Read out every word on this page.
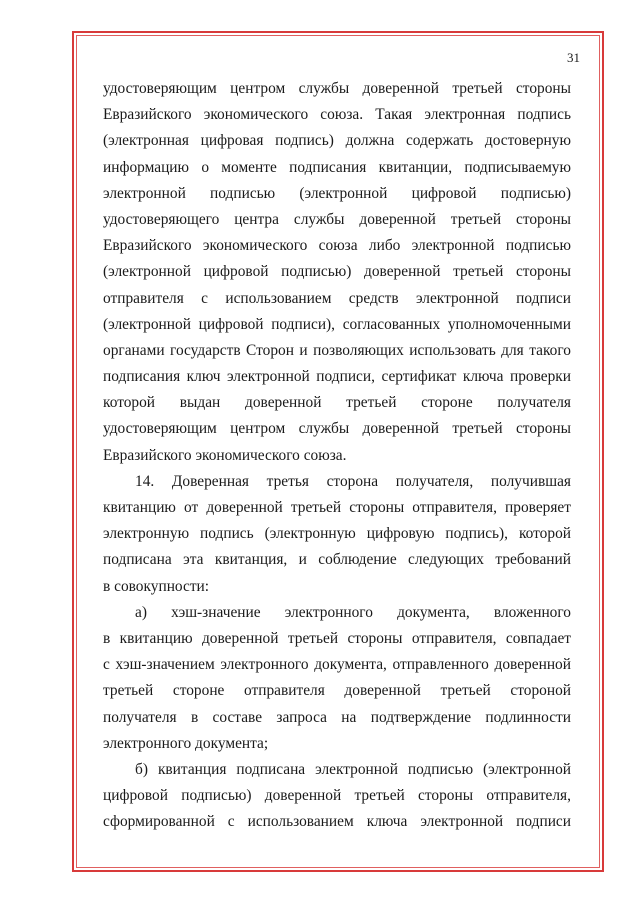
31
удостоверяющим центром службы доверенной третьей стороны
Евразийского экономического союза. Такая электронная подпись
(электронная цифровая подпись) должна содержать достоверную
информацию о моменте подписания квитанции, подписываемую
электронной подписью (электронной цифровой подписью)
удостоверяющего центра службы доверенной третьей стороны
Евразийского экономического союза либо электронной подписью
(электронной цифровой подписью) доверенной третьей стороны
отправителя с использованием средств электронной подписи
(электронной цифровой подписи), согласованных уполномоченными
органами государств Сторон и позволяющих использовать для такого
подписания ключ электронной подписи, сертификат ключа проверки
которой выдан доверенной третьей стороне получателя
удостоверяющим центром службы доверенной третьей стороны
Евразийского экономического союза.
14. Доверенная третья сторона получателя, получившая
квитанцию от доверенной третьей стороны отправителя, проверяет
электронную подпись (электронную цифровую подпись), которой
подписана эта квитанция, и соблюдение следующих требований
в совокупности:
а) хэш-значение электронного документа, вложенного
в квитанцию доверенной третьей стороны отправителя, совпадает
с хэш-значением электронного документа, отправленного доверенной
третьей стороне отправителя доверенной третьей стороной
получателя в составе запроса на подтверждение подлинности
электронного документа;
б) квитанция подписана электронной подписью (электронной
цифровой подписью) доверенной третьей стороны отправителя,
сформированной с использованием ключа электронной подписи
